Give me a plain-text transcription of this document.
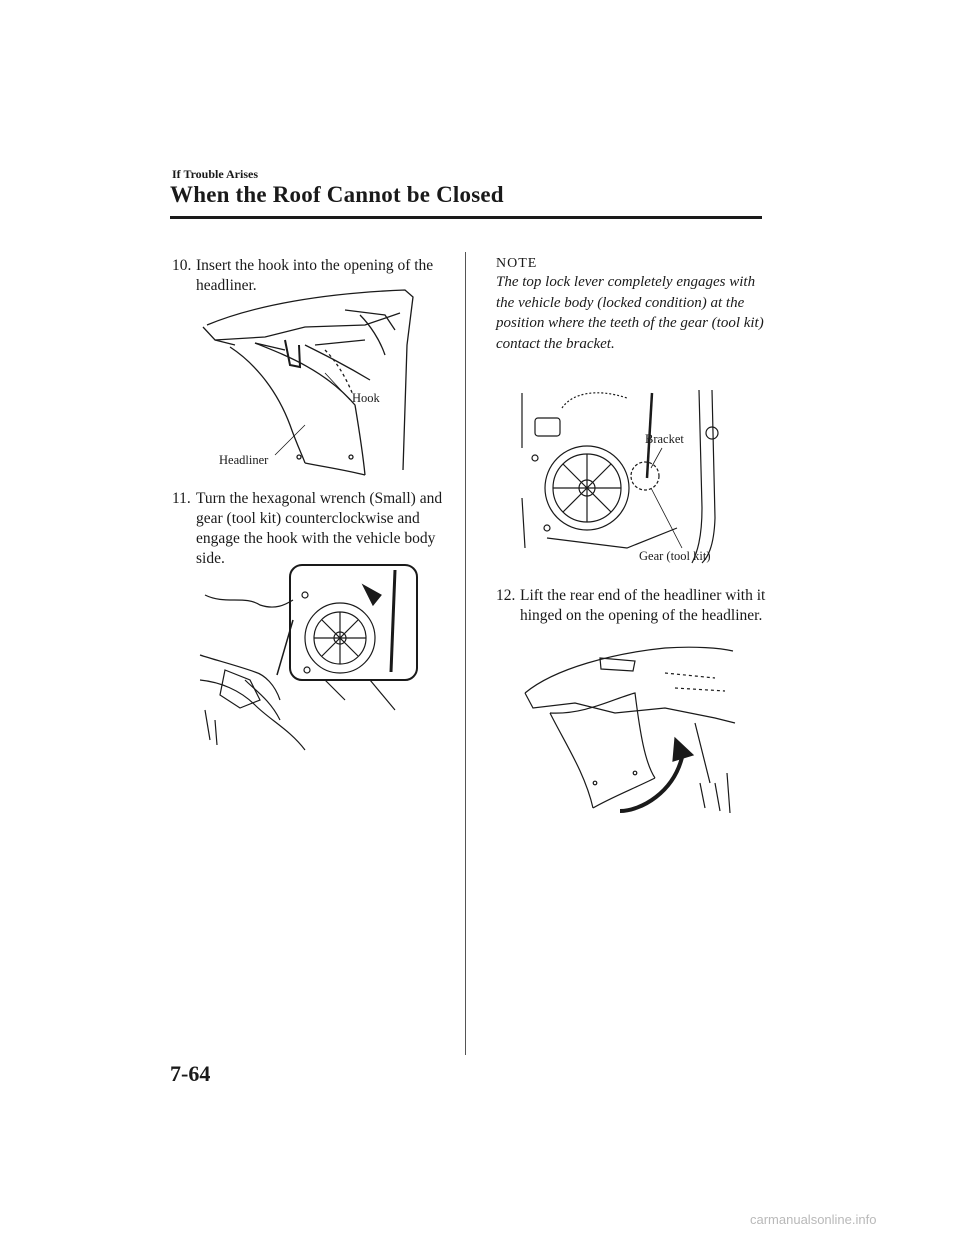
If Trouble Arises
When the Roof Cannot be Closed
10. Insert the hook into the opening of the headliner.
Hook
Headliner
11. Turn the hexagonal wrench (Small) and gear (tool kit) counterclockwise and engage the hook with the vehicle body side.
NOTE
The top lock lever completely engages with the vehicle body (locked condition) at the position where the teeth of the gear (tool kit) contact the bracket.
Bracket
Gear (tool kit)
12. Lift the rear end of the headliner with it hinged on the opening of the headliner.
7-64
carmanualsonline.info
